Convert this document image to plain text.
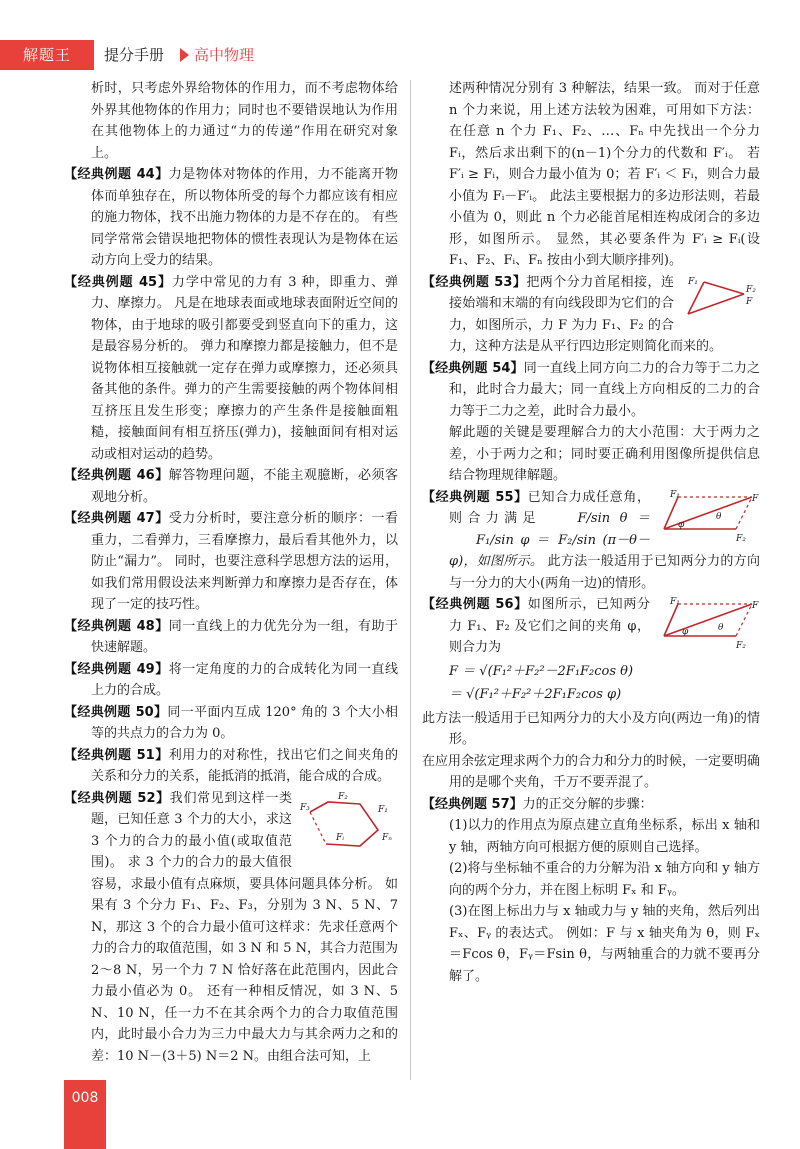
解题王	提分手册 高中物理

析时，只考虑外界给物体的作用力，而不考虑物体给外界其他物体的作用力；同时也不要错误地认为作用在其他物体上的力通过“力的传递”作用在研究对象上。

【经典例题 44】力是物体对物体的作用，力不能离开物体而单独存在，所以物体所受的每个力都应该有相应的施力物体，找不出施力物体的力是不存在的。 有些同学常常会错误地把物体的惯性表现认为是物体在运动方向上受力的结果。

【经典例题 45】力学中常见的力有 3 种，即重力、弹力、摩擦力。 凡是在地球表面或地球表面附近空间的物体，由于地球的吸引都要受到竖直向下的重力，这是最容易分析的。 弹力和摩擦力都是接触力，但不是说物体相互接触就一定存在弹力或摩擦力，还必须具备其他的条件。弹力的产生需要接触的两个物体间相互挤压且发生形变；摩擦力的产生条件是接触面粗糙，接触面间有相互挤压(弹力)，接触面间有相对运动或相对运动的趋势。

【经典例题 46】解答物理问题，不能主观臆断，必须客观地分析。

【经典例题 47】受力分析时，要注意分析的顺序：一看重力，二看弹力，三看摩擦力，最后看其他外力，以防止“漏力”。 同时，也要注意科学思想方法的运用，如我们常用假设法来判断弹力和摩擦力是否存在，体现了一定的技巧性。

【经典例题 48】同一直线上的力优先分为一组，有助于快速解题。

【经典例题 49】将一定角度的力的合成转化为同一直线上力的合成。

【经典例题 50】同一平面内互成 120° 角的 3 个大小相等的共点力的合力为 0。

【经典例题 51】利用力的对称性，找出它们之间夹角的关系和分力的关系，能抵消的抵消，能合成的合成。

F₂
F₁
F₃
Fᵢ	Fₙ
【经典例题 52】我们常见到这样一类题，已知任意 3 个力的大小，求这 3 个力的合力的最小值(或取值范围)。 求 3 个力的合力的最大值很容易，求最小值有点麻烦，要具体问题具体分析。 如果有 3 个分力 F₁、F₂、F₃，分别为 3 N、5 N、7 N，那这 3 个的合力最小值可这样求：先求任意两个力的合力的取值范围，如 3 N 和 5 N，其合力范围为 2～8 N，另一个力 7 N 恰好落在此范围内，因此合力最小值必为 0。 还有一种相反情况，如 3 N、5 N、10 N，任一力不在其余两个力的合力取值范围内，此时最小合力为三力中最大力与其余两力之和的差：10 N－(3＋5) N＝2 N。由组合法可知，上

述两种情况分别有 3 种解法，结果一致。 而对于任意 n 个力来说，用上述方法较为困难，可用如下方法：在任意 n 个力 F₁、F₂、…、Fₙ 中先找出一个分力 Fᵢ，然后求出剩下的(n－1)个分力的代数和 F′ᵢ。 若 F′ᵢ ≥ Fᵢ，则合力最小值为 0；若 F′ᵢ ＜ Fᵢ，则合力最小值为 Fᵢ－F′ᵢ。 此法主要根据力的多边形法则，若最小值为 0，则此 n 个力必能首尾相连构成闭合的多边形，如图所示。 显然，其必要条件为 F′ᵢ ≥ Fᵢ(设 F₁、F₂、Fᵢ、Fₙ 按由小到大顺序排列)。

F₁
F₂
F
【经典例题 53】把两个分力首尾相接，连接始端和末端的有向线段即为它们的合力，如图所示，力 F 为力 F₁、F₂ 的合力，这种方法是从平行四边形定则简化而来的。

【经典例题 54】同一直线上同方向二力的合力等于二力之和，此时合力最大；同一直线上方向相反的二力的合力等于二力之差，此时合力最小。

解此题的关键是要理解合力的大小范围：大于两力之差，小于两力之和；同时要正确利用图像所提供信息结合物理规律解题。

F₁	F
θ
φ
F₂
【经典例题 55】已知合力成任意角，则合力满足	F/sin θ ＝ F₁/sin φ ＝ F₂/sin (π－θ－φ)，如图所示。 此方法一般适用于已知两分力的方向与一分力的大小(两角一边)的情形。
F₁	F
θ
φ
F₂
【经典例题 56】如图所示，已知两分力 F₁、F₂ 及它们之间的夹角 φ，则合力为
F ＝ √(F₁²＋F₂²－2F₁F₂cos θ)
＝ √(F₁²＋F₂²＋2F₁F₂cos φ)
此方法一般适用于已知两分力的大小及方向(两边一角)的情形。
在应用余弦定理求两个力的合力和分力的时候，一定要明确用的是哪个夹角，千万不要弄混了。

【经典例题 57】力的正交分解的步骤：

(1)以力的作用点为原点建立直角坐标系，标出 x 轴和 y 轴，两轴方向可根据方便的原则自己选择。

(2)将与坐标轴不重合的力分解为沿 x 轴方向和 y 轴方向的两个分力，并在图上标明 Fₓ 和 Fᵧ。

(3)在图上标出力与 x 轴或力与 y 轴的夹角，然后列出 Fₓ、Fᵧ 的表达式。 例如：F 与 x 轴夹角为 θ，则 Fₓ＝Fcos θ，Fᵧ＝Fsin θ，与两轴重合的力就不要再分解了。

008
